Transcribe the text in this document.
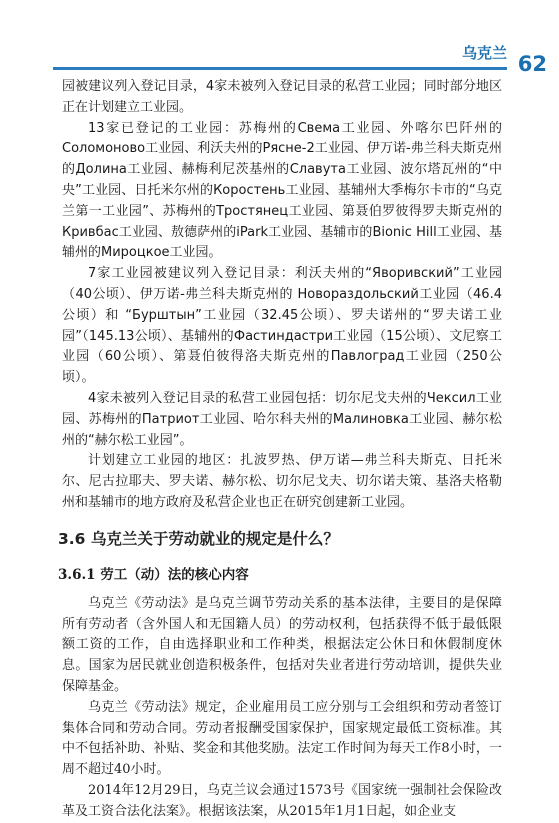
乌克兰 62

园被建议列入登记目录，4家未被列入登记目录的私营工业园；同时部分地区正在计划建立工业园。

13家已登记的工业园：苏梅州的Свема工业园、外喀尔巴阡州的Соломоново工业园、利沃夫州的Рясне-2工业园、伊万诺-弗兰科夫斯克州的Долина工业园、赫梅利尼茨基州的Славута工业园、波尔塔瓦州的“中央”工业园、日托米尔州的Коростень工业园、基辅州大季梅尔卡市的“乌克兰第一工业园”、苏梅州的Тростянец工业园、第聂伯罗彼得罗夫斯克州的Кривбас工业园、敖德萨州的iPark工业园、基辅市的Bionic Hill工业园、基辅州的Мироцкое工业园。

7家工业园被建议列入登记目录：利沃夫州的“Яворивский”工业园（40公顷）、伊万诺-弗兰科夫斯克州的 Новораздольский工业园（46.4公顷）和 “Бурштын”工业园（32.45公顷）、罗夫诺州的“罗夫诺工业园”（145.13公顷）、基辅州的Фастиндастри工业园（15公顷）、文尼察工业园（60公顷）、第聂伯彼得洛夫斯克州的Павлоград工业园（250公顷）。

4家未被列入登记目录的私营工业园包括：切尔尼戈夫州的Чексил工业园、苏梅州的Патриот工业园、哈尔科夫州的Малиновка工业园、赫尔松州的“赫尔松工业园”。

计划建立工业园的地区：扎波罗热、伊万诺—弗兰科夫斯克、日托米尔、尼古拉耶夫、罗夫诺、赫尔松、切尔尼戈夫、切尔诺夫策、基洛夫格勒州和基辅市的地方政府及私营企业也正在研究创建新工业园。

3.6 乌克兰关于劳动就业的规定是什么？
3.6.1 劳工（动）法的核心内容

乌克兰《劳动法》是乌克兰调节劳动关系的基本法律，主要目的是保障所有劳动者（含外国人和无国籍人员）的劳动权利，包括获得不低于最低限额工资的工作，自由选择职业和工作种类，根据法定公休日和休假制度休息。国家为居民就业创造积极条件，包括对失业者进行劳动培训，提供失业保障基金。

乌克兰《劳动法》规定，企业雇用员工应分别与工会组织和劳动者签订集体合同和劳动合同。劳动者报酬受国家保护，国家规定最低工资标准。其中不包括补助、补贴、奖金和其他奖励。法定工作时间为每天工作8小时，一周不超过40小时。

2014年12月29日，乌克兰议会通过1573号《国家统一强制社会保险改革及工资合法化法案》。根据该法案，从2015年1月1日起，如企业支
